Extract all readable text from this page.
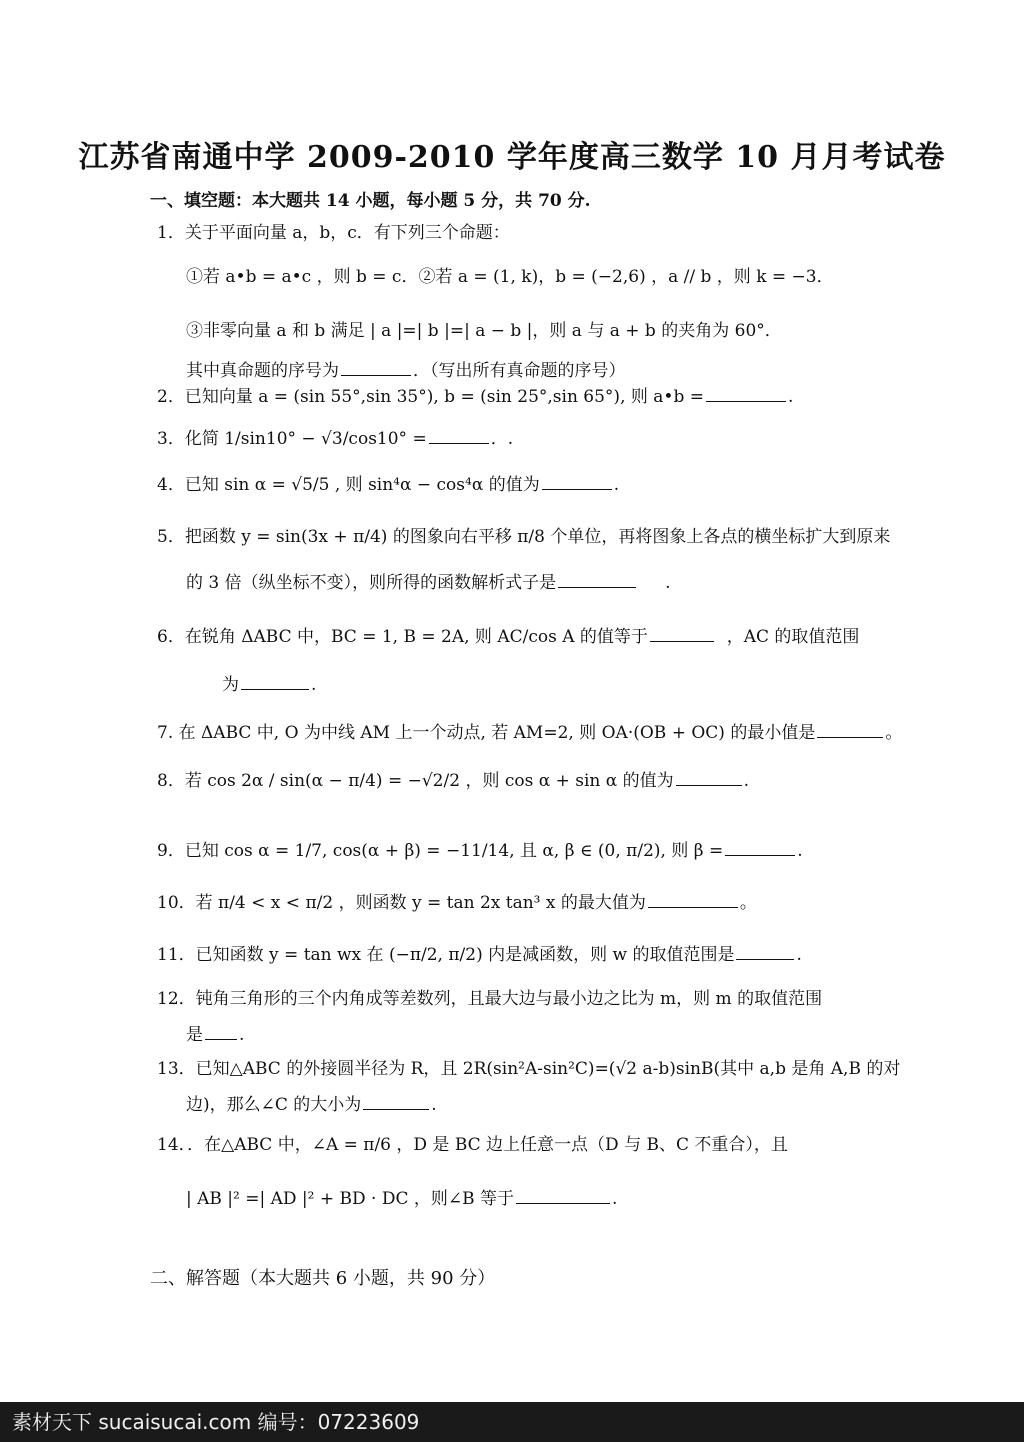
江苏省南通中学 2009-2010 学年度高三数学 10 月月考试卷
一、填空题：本大题共 14 小题，每小题 5 分，共 70 分.
1．关于平面向量 a，b，c．有下列三个命题：
①若 a•b = a•c ，则 b = c．②若 a = (1, k)，b = (−2,6) ，a // b ，则 k = −3．
③非零向量 a 和 b 满足 | a |=| b |=| a − b |，则 a 与 a + b 的夹角为 60°．
其中真命题的序号为	．（写出所有真命题的序号）
2．已知向量 a = (sin 55°,sin 35°), b = (sin 25°,sin 65°), 则 a•b =	.
3．化简 1/sin10° − √3/cos10° =	．.
4．已知 sin α = √5/5 , 则 sin⁴α − cos⁴α 的值为	.
5．把函数 y = sin(3x + π/4) 的图象向右平移 π/8 个单位，再将图象上各点的横坐标扩大到原来
的 3 倍（纵坐标不变），则所得的函数解析式子是	.
6．在锐角 ΔABC 中，BC = 1, B = 2A, 则 AC/cos A 的值等于	，AC 的取值范围
为	.
7. 在 ΔABC 中, O 为中线 AM 上一个动点, 若 AM=2, 则 OA·(OB + OC) 的最小值是	。
8．若 cos 2α / sin(α − π/4) = −√2/2 ，则 cos α + sin α 的值为	.
9．已知 cos α = 1/7, cos(α + β) = −11/14, 且 α, β ∈ (0, π/2), 则 β =	.
10．若 π/4 < x < π/2 ，则函数 y = tan 2x tan³ x 的最大值为	。
11．已知函数 y = tan wx 在 (−π/2, π/2) 内是减函数，则 w 的取值范围是	.
12．钝角三角形的三个内角成等差数列，且最大边与最小边之比为 m，则 m 的取值范围
是 .
13．已知△ABC 的外接圆半径为 R，且 2R(sin²A-sin²C)=(√2 a-b)sinB(其中 a,b 是角 A,B 的对
边)，那么∠C 的大小为	.
14．．在△ABC 中，∠A = π/6 ，D 是 BC 边上任意一点（D 与 B、C 不重合），且
| AB |² =| AD |² + BD · DC ，则∠B 等于	.
二、解答题（本大题共 6 小题，共 90 分）
素材天下 sucaisucai.com 编号：07223609
